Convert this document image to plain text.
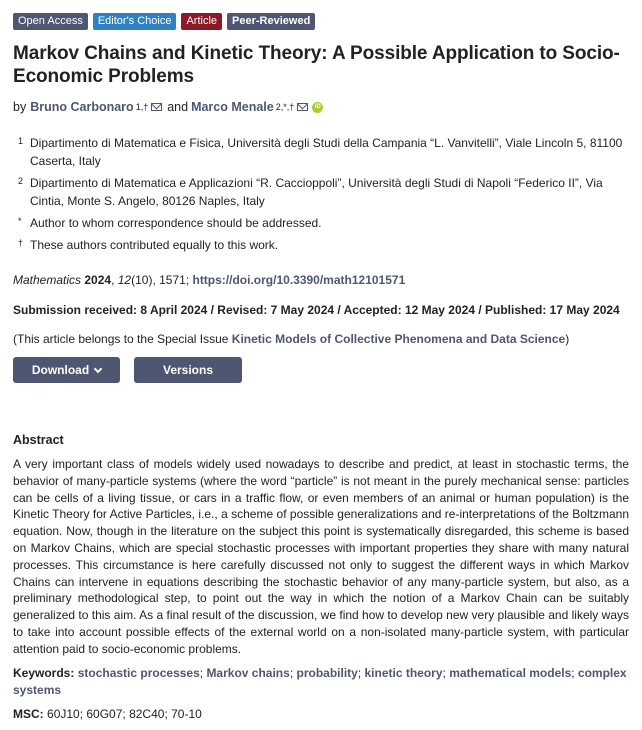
Open Access	Editor's Choice	Article	Peer-Reviewed
Markov Chains and Kinetic Theory: A Possible Application to Socio-Economic Problems
by Bruno Carbonaro 1,† and Marco Menale 2,*,†	iD
1 Dipartimento di Matematica e Fisica, Università degli Studi della Campania “L. Vanvitelli”, Viale Lincoln 5, 81100 Caserta, Italy
2 Dipartimento di Matematica e Applicazioni “R. Caccioppoli”, Università degli Studi di Napoli “Federico II”, Via Cintia, Monte S. Angelo, 80126 Naples, Italy
* Author to whom correspondence should be addressed.
† These authors contributed equally to this work.
Mathematics 2024, 12(10), 1571; https://doi.org/10.3390/math12101571
Submission received: 8 April 2024 / Revised: 7 May 2024 / Accepted: 12 May 2024 / Published: 17 May 2024
(This article belongs to the Special Issue Kinetic Models of Collective Phenomena and Data Science)
Download	Versions Notes
Abstract

A very important class of models widely used nowadays to describe and predict, at least in stochastic terms, the behavior of many-particle systems (where the word “particle” is not meant in the purely mechanical sense: particles can be cells of a living tissue, or cars in a traffic flow, or even members of an animal or human population) is the Kinetic Theory for Active Particles, i.e., a scheme of possible generalizations and re-interpretations of the Boltzmann equation. Now, though in the literature on the subject this point is systematically disregarded, this scheme is based on Markov Chains, which are special stochastic processes with important properties they share with many natural processes. This circumstance is here carefully discussed not only to suggest the different ways in which Markov Chains can intervene in equations describing the stochastic behavior of any many-particle system, but also, as a preliminary methodological step, to point out the way in which the notion of a Markov Chain can be suitably generalized to this aim. As a final result of the discussion, we find how to develop new very plausible and likely ways to take into account possible effects of the external world on a non-isolated many-particle system, with particular attention paid to socio-economic problems.

Keywords: stochastic processes; Markov chains; probability; kinetic theory; mathematical models; complex systems
MSC: 60J10; 60G07; 82C40; 70-10
